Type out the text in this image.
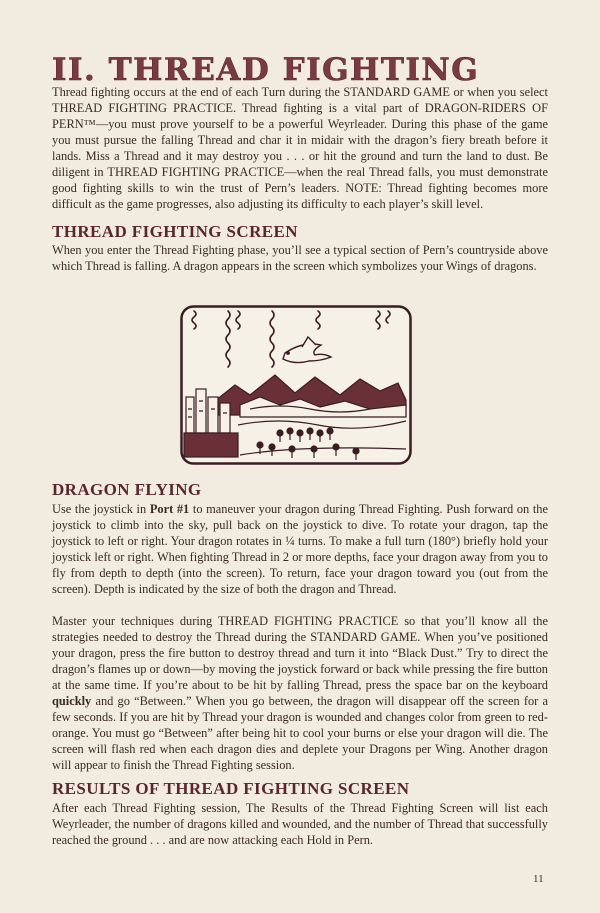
II. THREAD FIGHTING

Thread fighting occurs at the end of each Turn during the STANDARD GAME or when you select THREAD FIGHTING PRACTICE. Thread fighting is a vital part of DRAGON-RIDERS OF PERN™—you must prove yourself to be a powerful Weyrleader. During this phase of the game you must pursue the falling Thread and char it in midair with the dragon’s fiery breath before it lands. Miss a Thread and it may destroy you . . . or hit the ground and turn the land to dust. Be diligent in THREAD FIGHTING PRACTICE—when the real Thread falls, you must demonstrate good fighting skills to win the trust of Pern’s leaders. NOTE: Thread fighting becomes more difficult as the game progresses, also adjusting its difficulty to each player’s skill level.

THREAD FIGHTING SCREEN

When you enter the Thread Fighting phase, you’ll see a typical section of Pern’s countryside above which Thread is falling. A dragon appears in the screen which symbolizes your Wings of dragons.

DRAGON FLYING

Use the joystick in Port #1 to maneuver your dragon during Thread Fighting. Push forward on the joystick to climb into the sky, pull back on the joystick to dive. To rotate your dragon, tap the joystick to left or right. Your dragon rotates in ¼ turns. To make a full turn (180°) briefly hold your joystick left or right. When fighting Thread in 2 or more depths, face your dragon away from you to fly from depth to depth (into the screen). To return, face your dragon toward you (out from the screen). Depth is indicated by the size of both the dragon and Thread.

Master your techniques during THREAD FIGHTING PRACTICE so that you’ll know all the strategies needed to destroy the Thread during the STANDARD GAME. When you’ve positioned your dragon, press the fire button to destroy thread and turn it into “Black Dust.” Try to direct the dragon’s flames up or down—by moving the joystick forward or back while pressing the fire button at the same time. If you’re about to be hit by falling Thread, press the space bar on the keyboard quickly and go “Between.” When you go between, the dragon will disappear off the screen for a few seconds. If you are hit by Thread your dragon is wounded and changes color from green to red-orange. You must go “Between” after being hit to cool your burns or else your dragon will die. The screen will flash red when each dragon dies and deplete your Dragons per Wing. Another dragon will appear to finish the Thread Fighting session.

RESULTS OF THREAD FIGHTING SCREEN

After each Thread Fighting session, The Results of the Thread Fighting Screen will list each Weyrleader, the number of dragons killed and wounded, and the number of Thread that successfully reached the ground . . . and are now attacking each Hold in Pern.

11
